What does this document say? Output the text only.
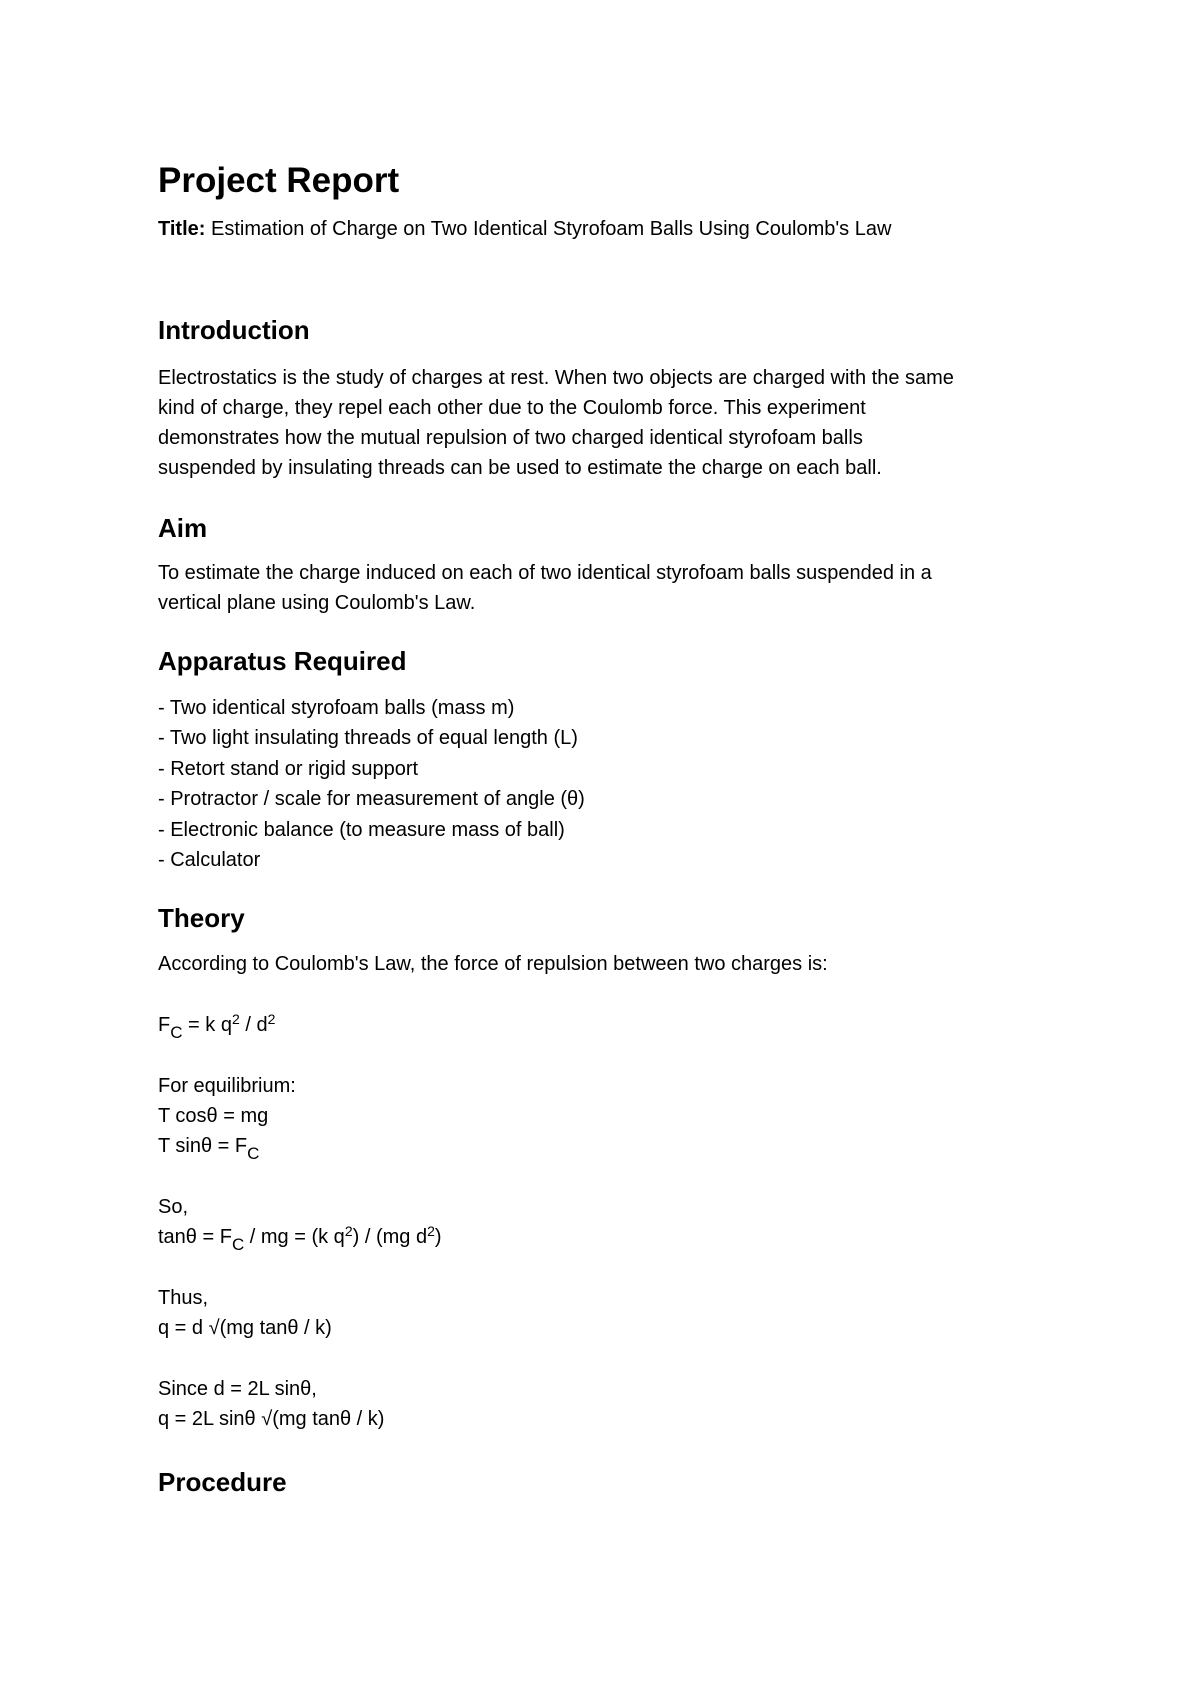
Project Report
Title: Estimation of Charge on Two Identical Styrofoam Balls Using Coulomb's Law
Introduction
Electrostatics is the study of charges at rest. When two objects are charged with the same
kind of charge, they repel each other due to the Coulomb force. This experiment
demonstrates how the mutual repulsion of two charged identical styrofoam balls
suspended by insulating threads can be used to estimate the charge on each ball.
Aim
To estimate the charge induced on each of two identical styrofoam balls suspended in a
vertical plane using Coulomb's Law.
Apparatus Required
- Two identical styrofoam balls (mass m)
- Two light insulating threads of equal length (L)
- Retort stand or rigid support
- Protractor / scale for measurement of angle (θ)
- Electronic balance (to measure mass of ball)
- Calculator
Theory
According to Coulomb's Law, the force of repulsion between two charges is:
$F_C = k$ $q^2 / d^2$
For equilibrium:
T cosθ = mg
T $\sin\theta = F_C$
So,
$\tan\theta = F_C$ / mg = (k $q^2) / (mg$ $d^2$)
Thus,
q = d √(mg tanθ / k)
Since d = 2L sinθ,
q = 2L sinθ √(mg tanθ / k)
Procedure
